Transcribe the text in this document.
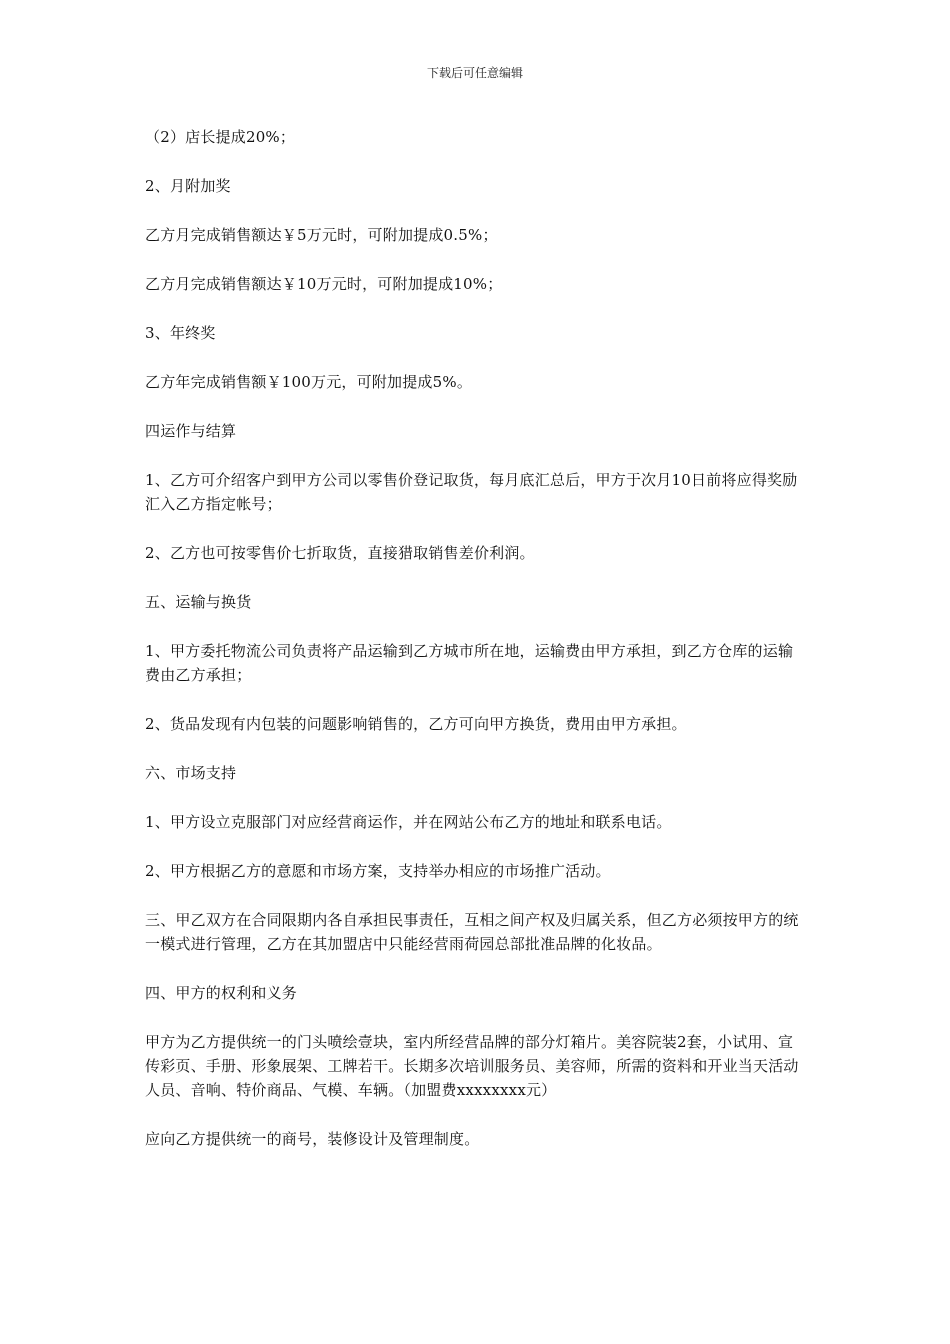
下载后可任意编辑

（2）店长提成20%；

2、月附加奖

乙方月完成销售额达￥5万元时，可附加提成0.5%；

乙方月完成销售额达￥10万元时，可附加提成10%；

3、年终奖

乙方年完成销售额￥100万元，可附加提成5%。

四运作与结算

1、乙方可介绍客户到甲方公司以零售价登记取货，每月底汇总后，甲方于次月10日前将应得奖励汇入乙方指定帐号；

2、乙方也可按零售价七折取货，直接猎取销售差价利润。

五、运输与换货

1、甲方委托物流公司负责将产品运输到乙方城市所在地，运输费由甲方承担，到乙方仓库的运输费由乙方承担；

2、货品发现有内包装的问题影响销售的，乙方可向甲方换货，费用由甲方承担。

六、市场支持

1、甲方设立克服部门对应经营商运作，并在网站公布乙方的地址和联系电话。

2、甲方根据乙方的意愿和市场方案，支持举办相应的市场推广活动。

三、甲乙双方在合同限期内各自承担民事责任，互相之间产权及归属关系，但乙方必须按甲方的统一模式进行管理，乙方在其加盟店中只能经营雨荷园总部批准品牌的化妆品。

四、甲方的权利和义务

甲方为乙方提供统一的门头喷绘壹块，室内所经营品牌的部分灯箱片。美容院装2套，小试用、宣传彩页、手册、形象展架、工牌若干。长期多次培训服务员、美容师，所需的资料和开业当天活动人员、音响、特价商品、气模、车辆。（加盟费xxxxxxxx元）

应向乙方提供统一的商号，装修设计及管理制度。
